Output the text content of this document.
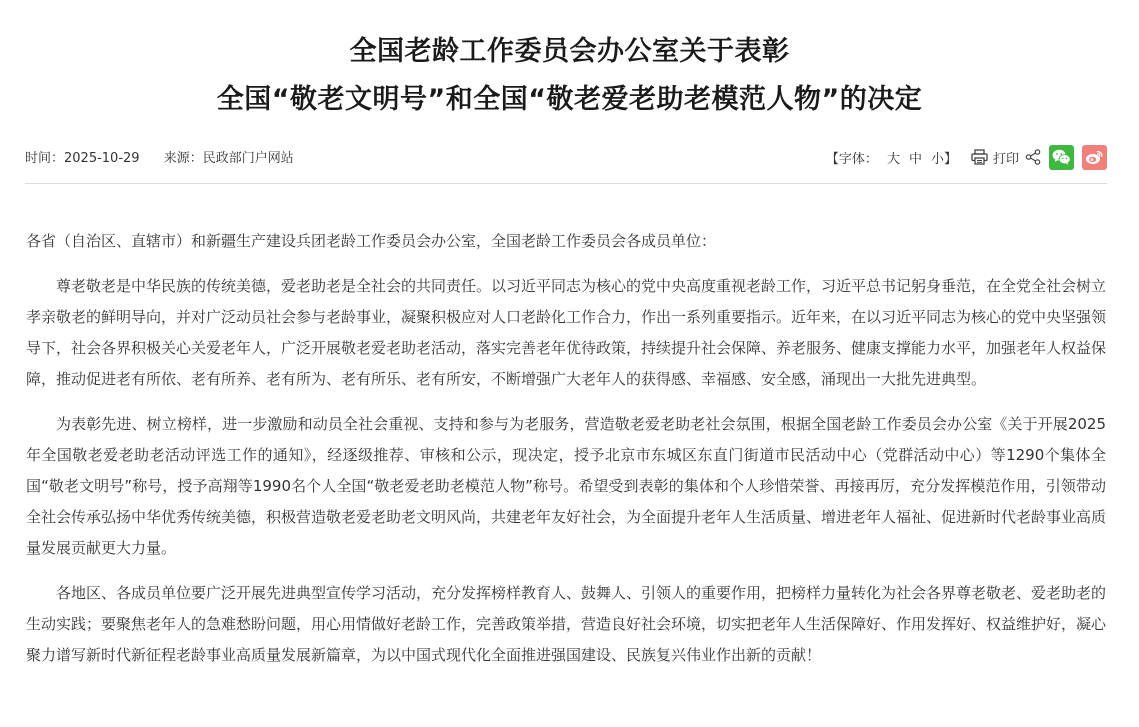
全国老龄工作委员会办公室关于表彰
全国“敬老文明号”和全国“敬老爱老助老模范人物”的决定
时间：2025-10-29 来源：民政部门户网站	【字体： 大 中 小】	打印

各省（自治区、直辖市）和新疆生产建设兵团老龄工作委员会办公室，全国老龄工作委员会各成员单位：

尊老敬老是中华民族的传统美德，爱老助老是全社会的共同责任。以习近平同志为核心的党中央高度重视老龄工作，习近平总书记躬身垂范，在全党全社会树立孝亲敬老的鲜明导向，并对广泛动员社会参与老龄事业，凝聚积极应对人口老龄化工作合力，作出一系列重要指示。近年来，在以习近平同志为核心的党中央坚强领导下，社会各界积极关心关爱老年人，广泛开展敬老爱老助老活动，落实完善老年优待政策，持续提升社会保障、养老服务、健康支撑能力水平，加强老年人权益保障，推动促进老有所依、老有所养、老有所为、老有所乐、老有所安，不断增强广大老年人的获得感、幸福感、安全感，涌现出一大批先进典型。

为表彰先进、树立榜样，进一步激励和动员全社会重视、支持和参与为老服务，营造敬老爱老助老社会氛围，根据全国老龄工作委员会办公室《关于开展2025年全国敬老爱老助老活动评选工作的通知》，经逐级推荐、审核和公示，现决定，授予北京市东城区东直门街道市民活动中心（党群活动中心）等1290个集体全国“敬老文明号”称号，授予高翔等1990名个人全国“敬老爱老助老模范人物”称号。希望受到表彰的集体和个人珍惜荣誉、再接再厉，充分发挥模范作用，引领带动全社会传承弘扬中华优秀传统美德，积极营造敬老爱老助老文明风尚，共建老年友好社会，为全面提升老年人生活质量、增进老年人福祉、促进新时代老龄事业高质量发展贡献更大力量。

各地区、各成员单位要广泛开展先进典型宣传学习活动，充分发挥榜样教育人、鼓舞人、引领人的重要作用，把榜样力量转化为社会各界尊老敬老、爱老助老的生动实践；要聚焦老年人的急难愁盼问题，用心用情做好老龄工作，完善政策举措，营造良好社会环境，切实把老年人生活保障好、作用发挥好、权益维护好，凝心聚力谱写新时代新征程老龄事业高质量发展新篇章，为以中国式现代化全面推进强国建设、民族复兴伟业作出新的贡献！
